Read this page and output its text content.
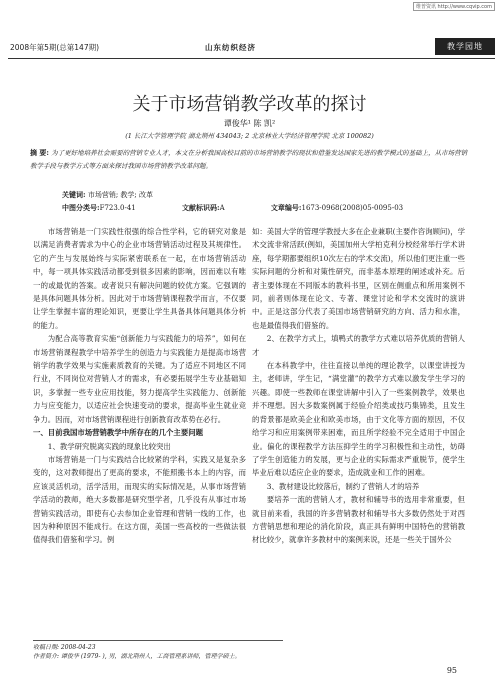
维普资讯 http://www.cqvip.com
2008年第5期(总第147期)	山东纺织经济	教学园地
关于市场营销教学改革的探讨
谭俊华¹ 陈 凯²
(1 长江大学管理学院 湖北荆州 434043; 2 北京林业大学经济管理学院 北京 100082)
摘 要: 为了更好地培养社会需要的营销专业人才，本文在分析我国高校目前的市场营销教学的现状和借鉴发达国家先进的教学模式的基础上，从市场营销教学手段与教学方式等方面来探讨我国市场营销教学改革问题。
关键词: 市场营销; 教学; 改革
中图分类号:F723.0-41	文献标识码:A	文章编号:1673-0968(2008)05-0095-03

市场营销是一门实践性很强的综合性学科，它的研究对象是以满足消费者需求为中心的企业市场营销活动过程及其规律性。它的产生与发展始终与实际紧密联系在一起，在市场营销活动中，每一项具体实践活动都受到很多因素的影响，因而难以有唯一的或最优的答案。或者说只有解决问题的较优方案。它强调的是具体问题具体分析。因此对于市场营销课程教学而言，不仅要让学生掌握丰富的理论知识，更要让学生具备具体问题具体分析的能力。

为配合高等教育实施“创新能力与实践能力的培养”，如何在市场营销课程教学中培养学生的创造力与实践能力是提高市场营销学的教学效果与实施素质教育的关键。为了适应不同地区不同行业，不同岗位对营销人才的需求，有必要拓展学生专业基础知识，多掌握一些专业应用技能，努力提高学生实践能力、创新能力与应变能力，以适应社会快速变动的要求，提高毕业生就业竞争力。因而，对市场营销课程进行创新教育改革势在必行。

一、目前我国市场营销教学中所存在的几个主要问题

1、教学研究脱离实践的现象比较突出

市场营销是一门与实践结合比较紧的学科，实践又是复杂多变的，这对教师提出了更高的要求，不能照搬书本上的内容，而应该灵活机动，活学活用，而现实的实际情况是，从事市场营销学活动的教师，绝大多数都是研究型学者，几乎没有从事过市场营销实践活动，即使有心去参加企业管理和营销一线的工作，也因为种种原因不能成行。在这方面，美国一些高校的一些做法很值得我们借鉴和学习。例

如：美国大学的管理学教授大多在企业兼职(主要作咨询顾问)，学术交流非常活跃(例如，美国加州大学柏克利分校经常举行学术讲座，每学期都要组织10次左右的学术交流)，所以他们更注重一些实际问题的分析和对策性研究，而非基本原理的阐述或补充。后者主要体现在不同版本的教科书里，区别在侧重点和所用案例不同，前者则体现在论文、专著、课堂讨论和学术交流时的演讲中。正是这部分代表了美国市场营销研究的方向、活力和水准，也是最值得我们借鉴的。

2、在教学方式上，填鸭式的教学方式难以培养优质的营销人才

在本科教学中，往往直接以单纯的理论教学，以课堂讲授为主，老师讲，学生记，“满堂灌”的教学方式难以激发学生学习的兴趣。即使一些教师在课堂讲解中引入了一些案例教学，效果也并不理想。因大多数案例属于经验介绍类或技巧集锦类，且发生的背景都是欧美企业和欧美市场，由于文化等方面的原因，不仅给学习和应用案例带来困难，而且所学经验不完全适用于中国企业。偏化的课程教学方法压抑学生的学习积极性和主动性，妨碍了学生创造能力的发展，更与企业的实际需求严重脱节，使学生毕业后难以适应企业的要求，造成就业和工作的困难。

3、教材建设比较落后，制约了营销人才的培养

要培养一流的营销人才，教材和辅导书的选用非常重要，但就目前来看，我国的许多营销教材和辅导书大多数仍然处于对西方营销思想和理论的消化阶段，真正具有鲜明中国特色的营销教材比较少，就拿许多教材中的案例来说，还是一些关于国外公

收稿日期: 2008-04-23
作者简介: 谭俊华 (1979- ), 男，湖北荆州人，工商管理系讲师，管理学硕士。
95
